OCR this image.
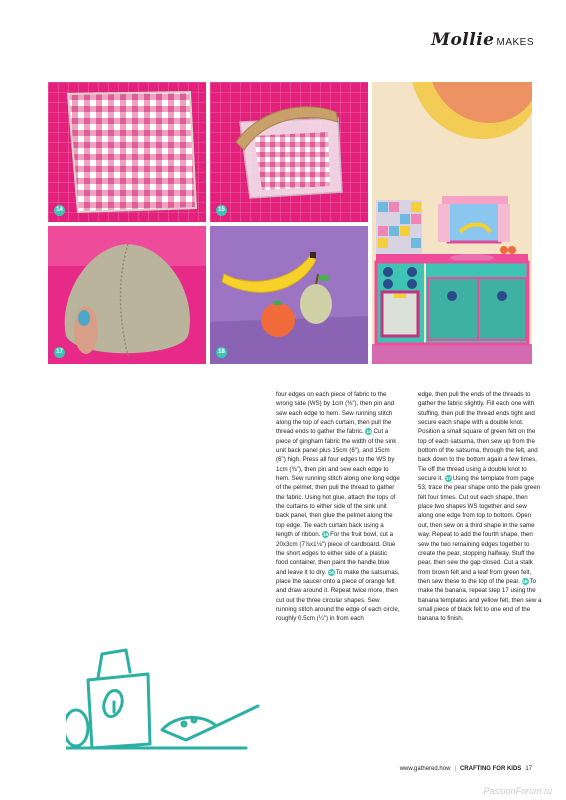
Mollie MAKES
14	15
17	18

four edges on each piece of fabric to the wrong side (WS) by 1cm (⅜"), then pin and sew each edge to hem. Sew running stitch along the top of each curtain, then pull the thread ends to gather the fabric. 14 Cut a piece of gingham fabric the width of the sink unit back panel plus 15cm (6"), and 15cm (6") high. Press all four edges to the WS by 1cm (⅜"), then pin and sew each edge to hem. Sew running stitch along one long edge of the pelmet, then pull the thread to gather the fabric. Using hot glue, attach the tops of the curtains to either side of the sink unit back panel, then glue the pelmet along the top edge. Tie each curtain back using a length of ribbon. 15 For the fruit bowl, cut a 20x3cm (7⅞x1⅛") piece of cardboard. Glue the short edges to either side of a plastic food container, then paint the handle blue and leave it to dry. 16 To make the satsumas, place the saucer onto a piece of orange felt and draw around it. Repeat twice more, then cut out the three circular shapes. Sew running stitch around the edge of each circle, roughly 0.5cm (¼") in from each

edge, then pull the ends of the threads to gather the fabric slightly. Fill each one with stuffing, then pull the thread ends tight and secure each shape with a double knot. Position a small square of green felt on the top of each satsuma, then sew up from the bottom of the satsuma, through the felt, and back down to the bottom again a few times. Tie off the thread using a double knot to secure it. 17 Using the template from page 53, trace the pear shape onto the pale green felt four times. Cut out each shape, then place two shapes WS together and sew along one edge from top to bottom. Open out, then sew on a third shape in the same way. Repeat to add the fourth shape, then sew the two remaining edges together to create the pear, stopping halfway. Stuff the pear, then sew the gap closed. Cut a stalk from brown felt and a leaf from green felt, then sew these to the top of the pear. 18 To make the banana, repeat step 17 using the banana templates and yellow felt, then sew a small piece of black felt to one end of the banana to finish.

www.gathered.how | CRAFTING FOR KIDS 17
PassionForum.ru
